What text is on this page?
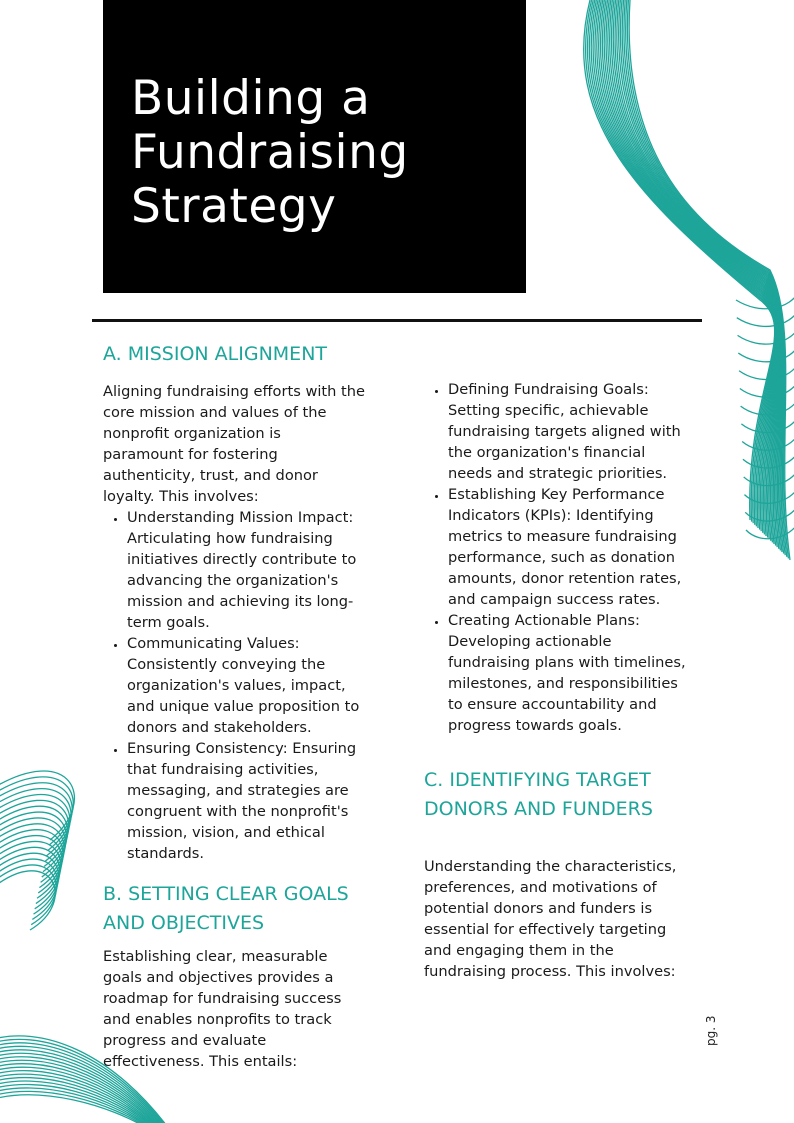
Building a
Fundraising
Strategy
A. MISSION ALIGNMENT

Aligning fundraising efforts with the core mission and values of the nonprofit organization is paramount for fostering authenticity, trust, and donor loyalty. This involves:

• Understanding Mission Impact: Articulating how fundraising initiatives directly contribute to advancing the organization's mission and achieving its long-term goals.
• Communicating Values: Consistently conveying the organization's values, impact, and unique value proposition to donors and stakeholders.
• Ensuring Consistency: Ensuring that fundraising activities, messaging, and strategies are congruent with the nonprofit's mission, vision, and ethical standards.
B. SETTING CLEAR GOALS AND OBJECTIVES

Establishing clear, measurable goals and objectives provides a roadmap for fundraising success and enables nonprofits to track progress and evaluate effectiveness. This entails:

• Defining Fundraising Goals: Setting specific, achievable fundraising targets aligned with the organization's financial needs and strategic priorities.
• Establishing Key Performance Indicators (KPIs): Identifying metrics to measure fundraising performance, such as donation amounts, donor retention rates, and campaign success rates.
• Creating Actionable Plans: Developing actionable fundraising plans with timelines, milestones, and responsibilities to ensure accountability and progress towards goals.
C. IDENTIFYING TARGET DONORS AND FUNDERS

Understanding the characteristics, preferences, and motivations of potential donors and funders is essential for effectively targeting and engaging them in the fundraising process. This involves:

pg. 3
